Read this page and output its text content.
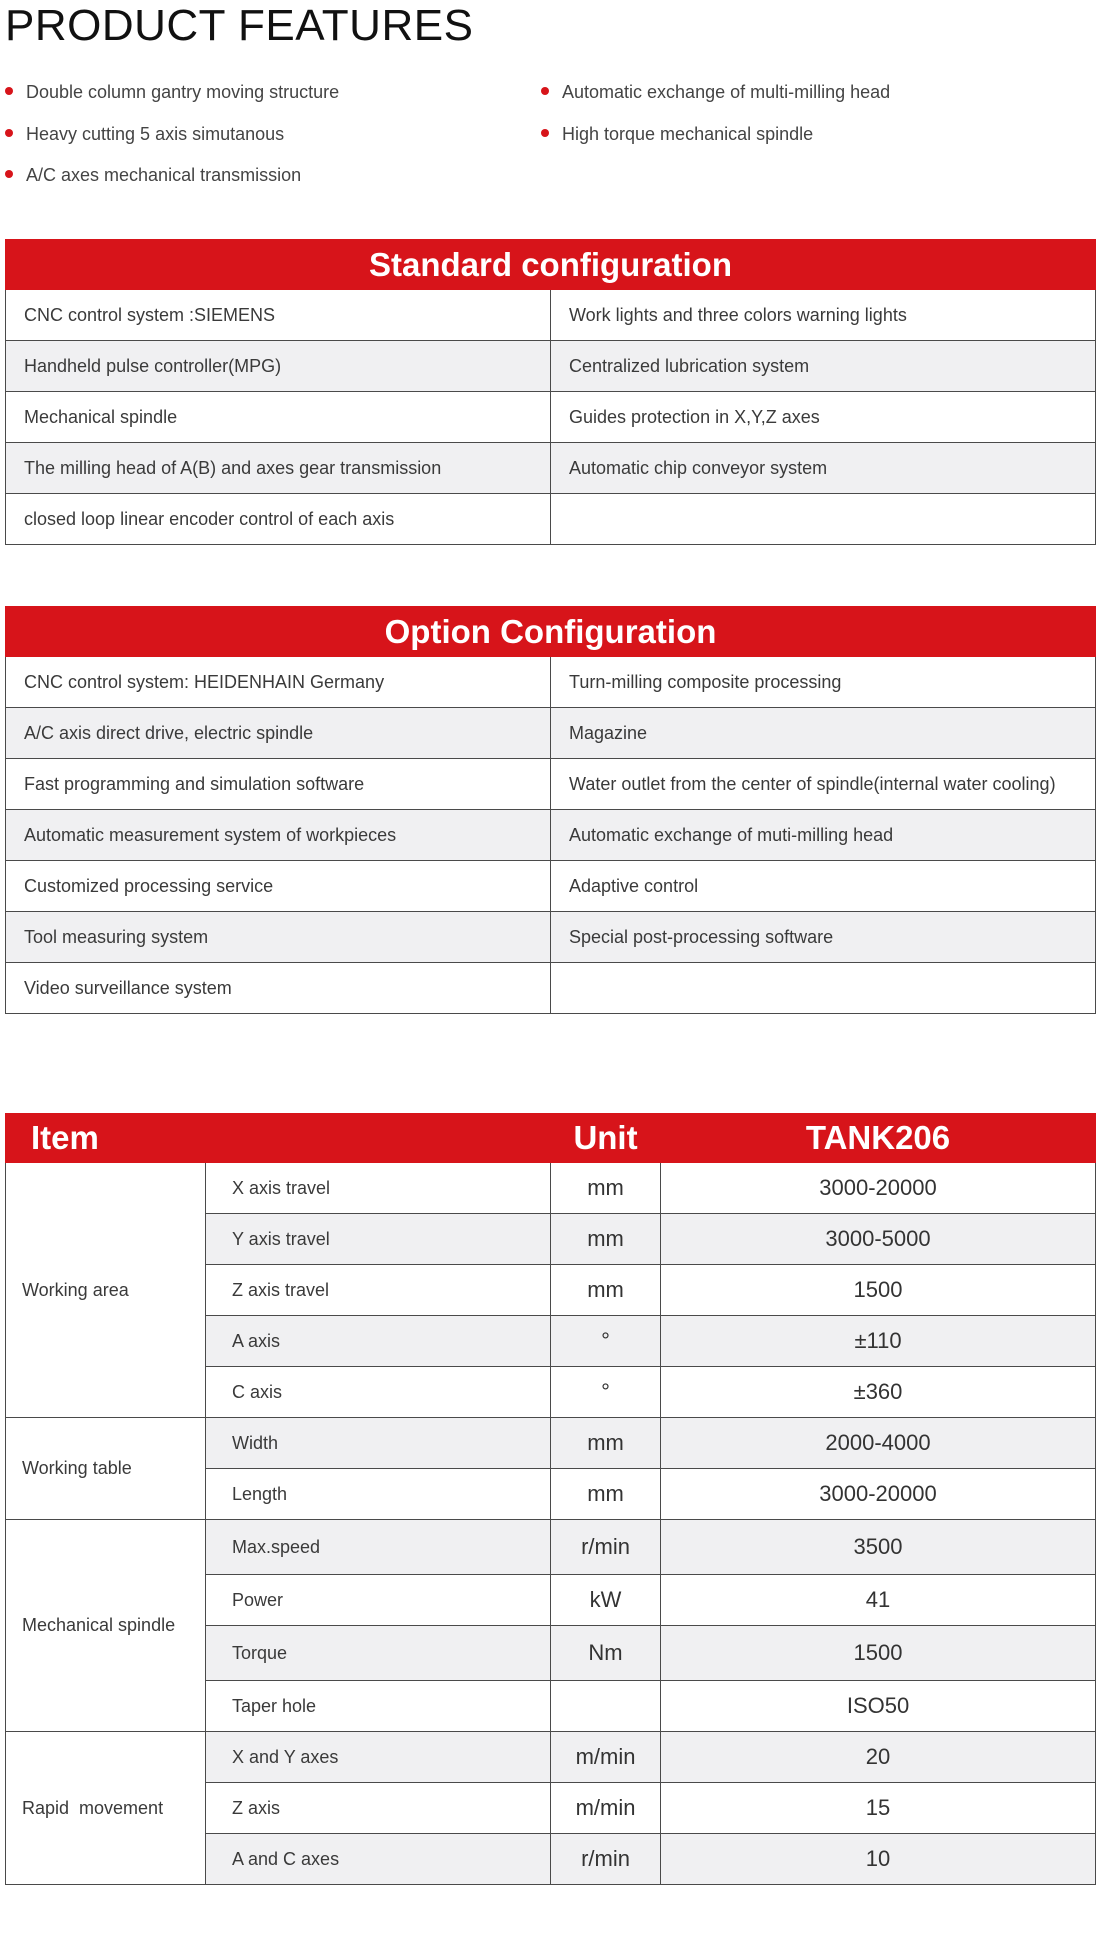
PRODUCT FEATURES
Double column gantry moving structure
Heavy cutting 5 axis simutanous
A/C axes mechanical transmission
Automatic exchange of multi-milling head
High torque mechanical spindle
Standard configuration	
CNC control system :SIEMENS	Work lights and three colors warning lights
Handheld pulse controller(MPG)	Centralized lubrication system
Mechanical spindle	Guides protection in X,Y,Z axes
The milling head of A(B) and axes gear transmission	Automatic chip conveyor system
closed loop linear encoder control of each axis	
Option Configuration	
CNC control system: HEIDENHAIN Germany	Turn-milling composite processing
A/C axis direct drive, electric spindle	Magazine
Fast programming and simulation software	Water outlet from the center of spindle(internal water cooling)
Automatic measurement system of workpieces	Automatic exchange of muti-milling head
Customized processing service	Adaptive control
Tool measuring system	Special post-processing software
Video surveillance system	
Item		Unit	TANK206
Working area	X axis travel	mm	3000-20000
	Y axis travel	mm	3000-5000
	Z axis travel	mm	1500
	A axis	°	±110
	C axis	°	±360
Working table	Width	mm	2000-4000
	Length	mm	3000-20000
Mechanical spindle	Max.speed	r/min	3500
	Power	kW	41
	Torque	Nm	1500
	Taper hole		ISO50
Rapid  movement	X and Y axes	m/min	20
	Z axis	m/min	15
	A and C axes	r/min	10
